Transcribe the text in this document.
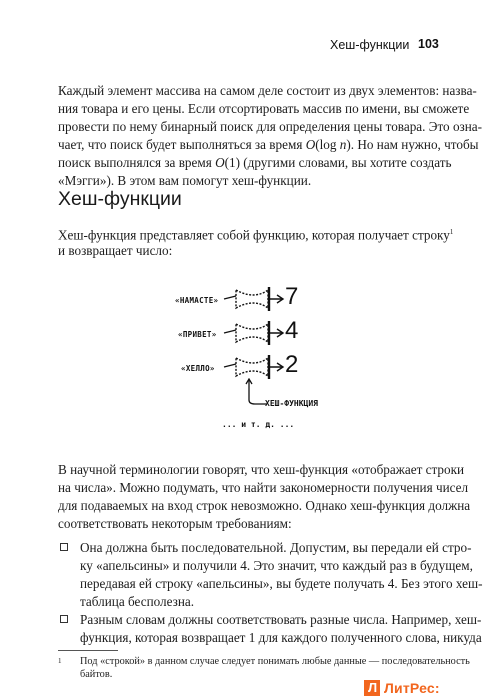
Хеш-функции 103
Каждый элемент массива на самом деле состоит из двух элементов: назва-
ния товара и его цены. Если отсортировать массив по имени, вы сможете
провести по нему бинарный поиск для определения цены товара. Это озна-
чает, что поиск будет выполняться за время O(log n). Но нам нужно, чтобы
поиск выполнялся за время O(1) (другими словами, вы хотите создать
«Мэгги»). В этом вам помогут хеш-функции.
Хеш-функции
Хеш-функция представляет собой функцию, которая получает строку$^1$
и возвращает число:
«НАМАСТЕ»	7
«ПРИВЕТ»	4
«ХЕЛЛО»	2
ХЕШ-ФУНКЦИЯ
... и т. д. ...
В научной терминологии говорят, что хеш-функция «отображает строки
на числа». Можно подумать, что найти закономерности получения чисел
для подаваемых на вход строк невозможно. Однако хеш-функция должна
соответствовать некоторым требованиям:
Она должна быть последовательной. Допустим, вы передали ей стро-
ку «апельсины» и получили 4. Это значит, что каждый раз в будущем,
передавая ей строку «апельсины», вы будете получать 4. Без этого хеш-
таблица бесполезна.
Разным словам должны соответствовать разные числа. Например, хеш-
функция, которая возвращает 1 для каждого полученного слова, никуда
1 Под «строкой» в данном случае следует понимать любые данные — последовательность
байтов.
Л ЛитРес:
